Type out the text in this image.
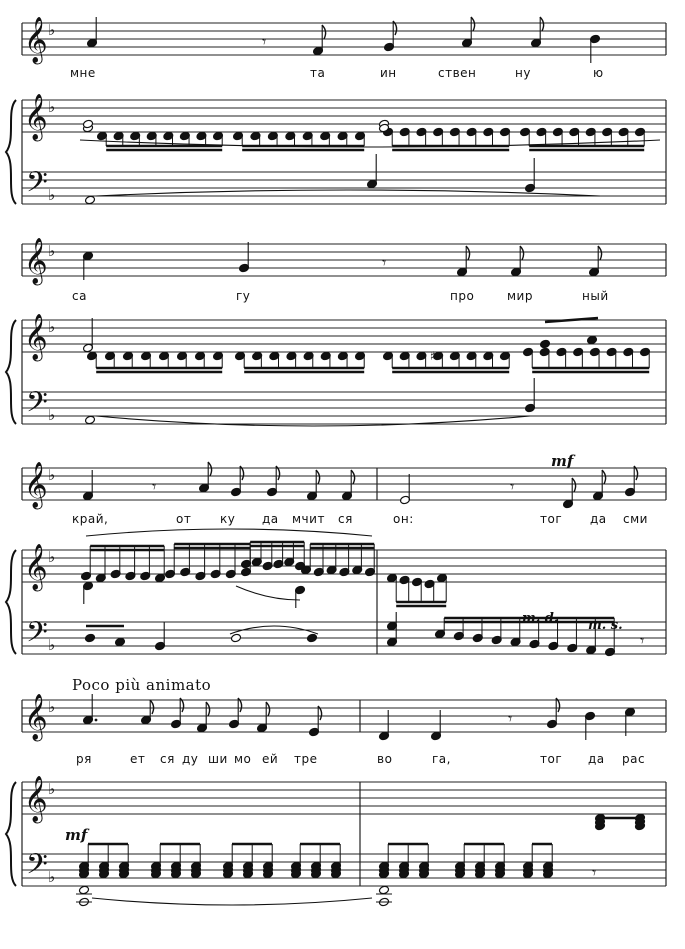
𝄞
𝄞
𝄢
♭
♭
♭
𝄾
𝄞
𝄞
𝄢
♭
♭
♭
𝄾
♯
𝄞
𝄞
𝄢
♭
♭
♭
𝄾	𝄾
𝄾
𝄞
𝄞
𝄢
♭
♭
♭
𝄾
𝄾
мне	та	ин	ствен	ну	ю
са	гу	про	мир	ный
край,	от ку да мчит ся	он:	тог да сми
mf
m. d. m. s.
Poco più animato
mf
ря	ет ся ду ши мо ей тре	во	га,	тог да рас
